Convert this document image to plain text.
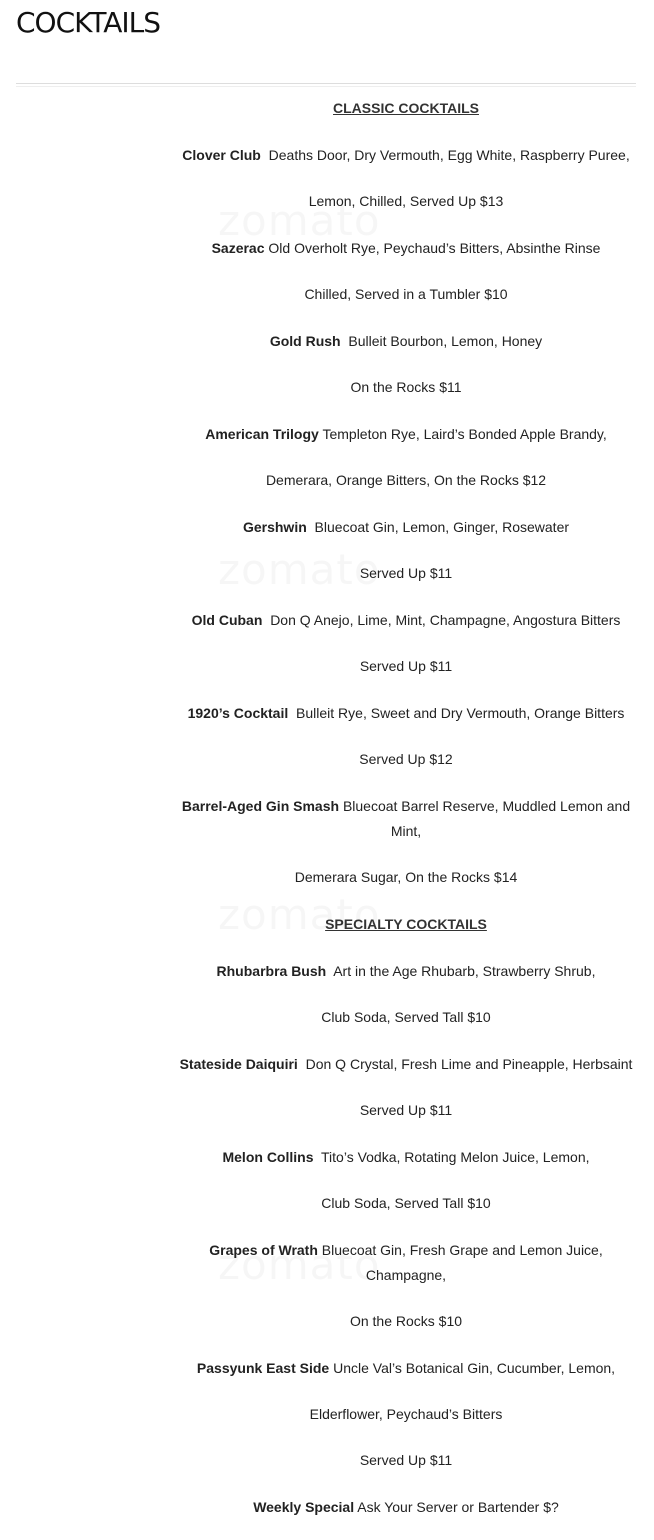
COCKTAILS
CLASSIC COCKTAILS
Clover Club Deaths Door, Dry Vermouth, Egg White, Raspberry Puree,
Lemon, Chilled, Served Up $13
Sazerac Old Overholt Rye, Peychaud’s Bitters, Absinthe Rinse
Chilled, Served in a Tumbler $10
Gold Rush Bulleit Bourbon, Lemon, Honey
On the Rocks $11
American Trilogy Templeton Rye, Laird’s Bonded Apple Brandy,
Demerara, Orange Bitters, On the Rocks $12
Gershwin Bluecoat Gin, Lemon, Ginger, Rosewater
Served Up $11
Old Cuban Don Q Anejo, Lime, Mint, Champagne, Angostura Bitters
Served Up $11
1920’s Cocktail Bulleit Rye, Sweet and Dry Vermouth, Orange Bitters
Served Up $12
Barrel-Aged Gin Smash Bluecoat Barrel Reserve, Muddled Lemon and
Mint,
Demerara Sugar, On the Rocks $14
SPECIALTY COCKTAILS
Rhubarbra Bush Art in the Age Rhubarb, Strawberry Shrub,
Club Soda, Served Tall $10
Stateside Daiquiri Don Q Crystal, Fresh Lime and Pineapple, Herbsaint
Served Up $11
Melon Collins Tito’s Vodka, Rotating Melon Juice, Lemon,
Club Soda, Served Tall $10
Grapes of Wrath Bluecoat Gin, Fresh Grape and Lemon Juice,
Champagne,
On the Rocks $10
Passyunk East Side Uncle Val’s Botanical Gin, Cucumber, Lemon,
Elderflower, Peychaud’s Bitters
Served Up $11
Weekly Special Ask Your Server or Bartender $?
